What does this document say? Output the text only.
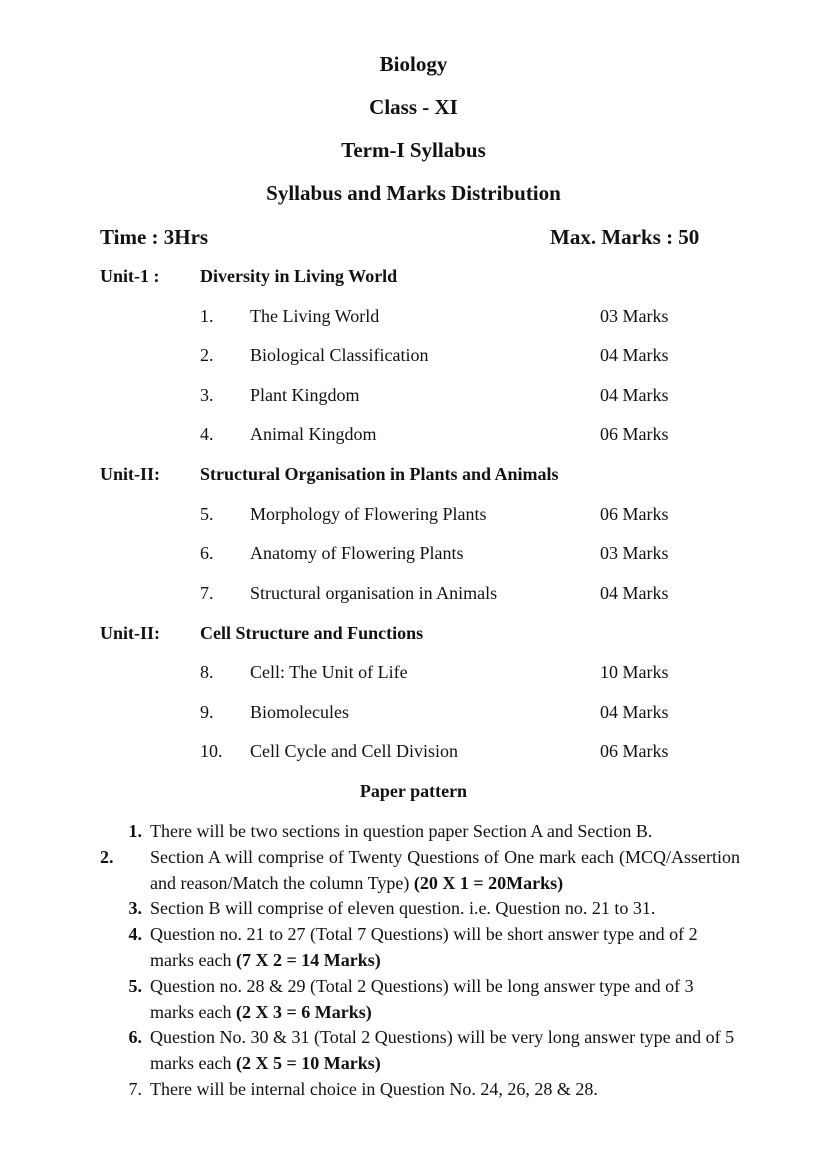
Biology
Class - XI
Term-I Syllabus
Syllabus and Marks Distribution
Time : 3Hrs	Max. Marks : 50
Unit-1 : Diversity in Living World
1. The Living World	03 Marks
2. Biological Classification	04 Marks
3. Plant Kingdom	04 Marks
4. Animal Kingdom	06 Marks
Unit-II: Structural Organisation in Plants and Animals
5. Morphology of Flowering Plants	06 Marks
6. Anatomy of Flowering Plants	03 Marks
7. Structural organisation in Animals	04 Marks
Unit-II: Cell Structure and Functions
8. Cell: The Unit of Life	10 Marks
9. Biomolecules	04 Marks
10. Cell Cycle and Cell Division	06 Marks
Paper pattern
1. There will be two sections in question paper Section A and Section B.
2.	Section A will comprise of Twenty Questions of One mark each (MCQ/Assertion and reason/Match the column Type) (20 X 1 = 20Marks)
3. Section B will comprise of eleven question. i.e. Question no. 21 to 31.
4. Question no. 21 to 27 (Total 7 Questions) will be short answer type and of 2 marks each (7 X 2 = 14 Marks)
5. Question no. 28 & 29 (Total 2 Questions) will be long answer type and of 3 marks each (2 X 3 = 6 Marks)
6. Question No. 30 & 31 (Total 2 Questions) will be very long answer type and of 5 marks each (2 X 5 = 10 Marks)
7. There will be internal choice in Question No. 24, 26, 28 & 28.
